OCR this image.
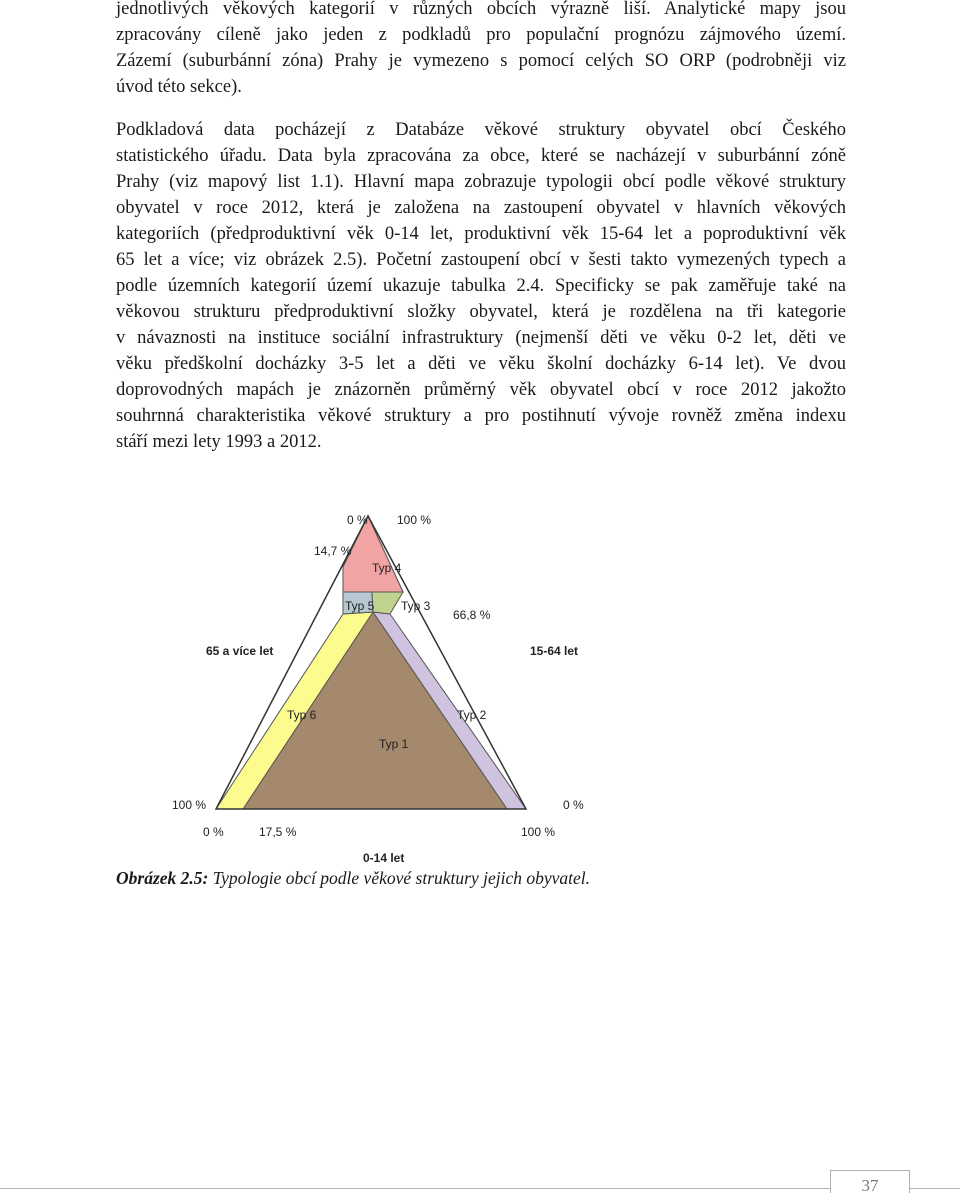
jednotlivých věkových kategorií v různých obcích výrazně liší. Analytické mapy jsou
zpracovány cíleně jako jeden z podkladů pro populační prognózu zájmového území.
Zázemí (suburbánní zóna) Prahy je vymezeno s pomocí celých SO ORP (podrobněji viz
úvod této sekce).
Podkladová data pocházejí z Databáze věkové struktury obyvatel obcí Českého
statistického úřadu. Data byla zpracována za obce, které se nacházejí v suburbánní zóně
Prahy (viz mapový list 1.1). Hlavní mapa zobrazuje typologii obcí podle věkové struktury
obyvatel v roce 2012, která je založena na zastoupení obyvatel v hlavních věkových
kategoriích (předproduktivní věk 0-14 let, produktivní věk 15-64 let a poproduktivní věk
65 let a více; viz obrázek 2.5). Početní zastoupení obcí v šesti takto vymezených typech a
podle územních kategorií území ukazuje tabulka 2.4. Specificky se pak zaměřuje také na
věkovou strukturu předproduktivní složky obyvatel, která je rozdělena na tři kategorie
v návaznosti na instituce sociální infrastruktury (nejmenší děti ve věku 0-2 let, děti ve
věku předškolní docházky 3-5 let a děti ve věku školní docházky 6-14 let). Ve dvou
doprovodných mapách je znázorněn průměrný věk obyvatel obcí v roce 2012 jakožto
souhrnná charakteristika věkové struktury a pro postihnutí vývoje rovněž změna indexu
stáří mezi lety 1993 a 2012.
Typ 4
Typ 5 Typ 3
Typ 6	Typ 2
Typ 1
0 % 100 %
14,7 %
66,8 %
65 a více let	15-64 let
100 %	0 %
0 %	17,5 %	100 %
0-14 let
Obrázek 2.5: Typologie obcí podle věkové struktury jejich obyvatel.
37
